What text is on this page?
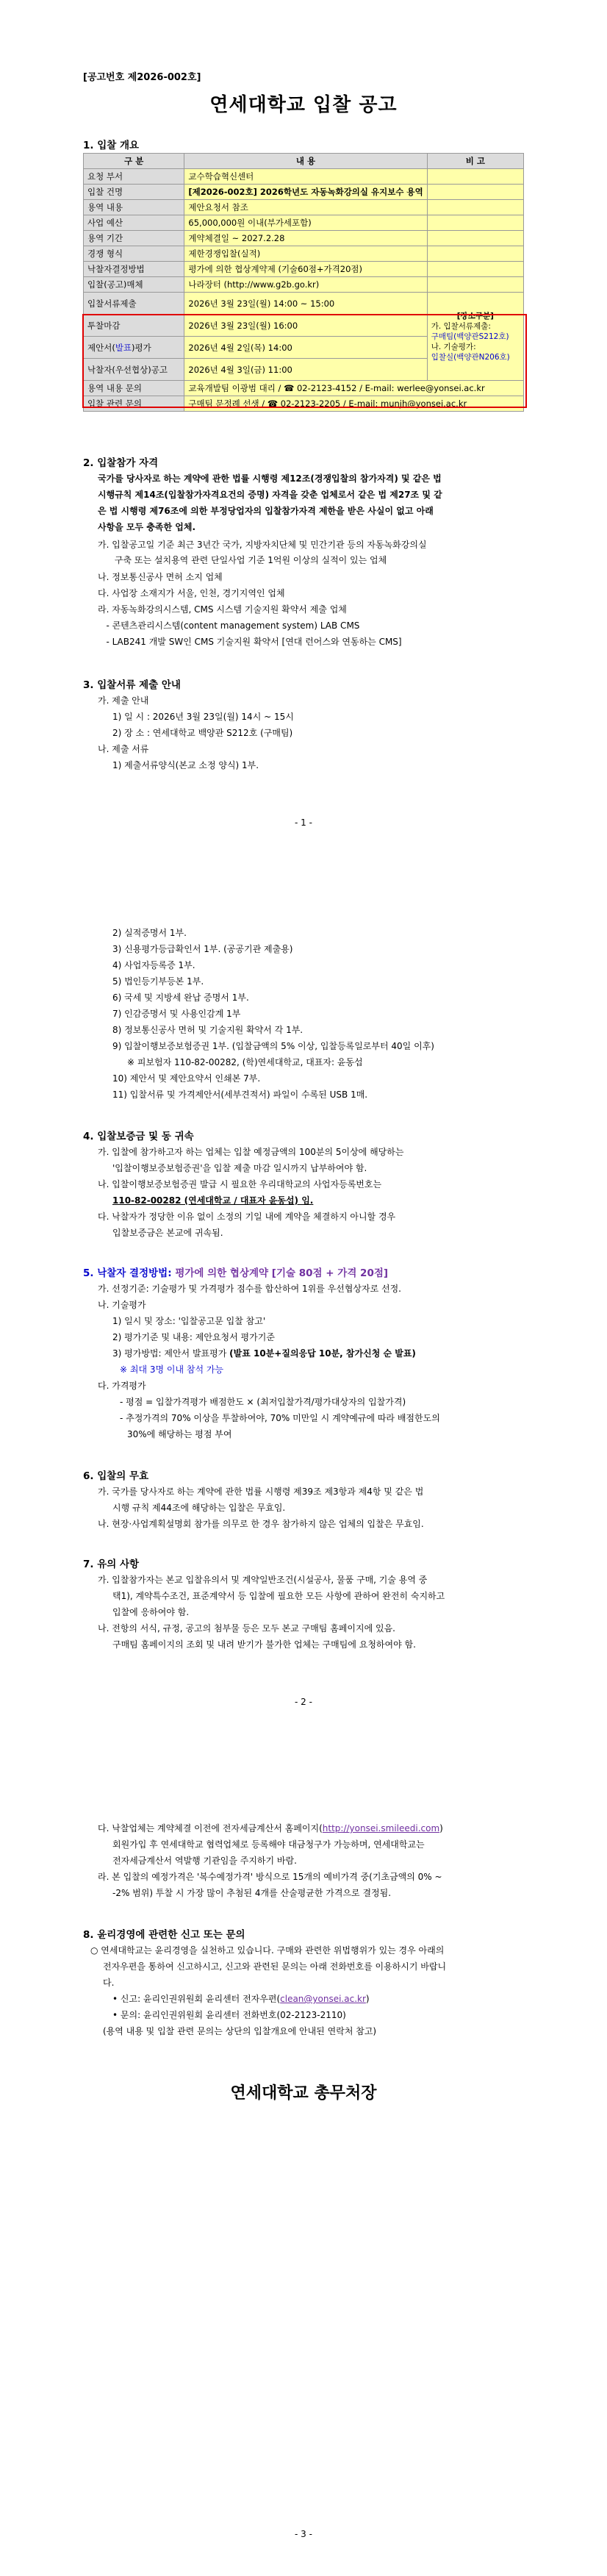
[공고번호 제2026-002호]
연세대학교 입찰 공고
1. 입찰 개요
구 분	내 용	비 고
요청 부서	교수학습혁신센터	
입찰 건명	[제2026-002호] 2026학년도 자동녹화강의실 유지보수 용역	
용역 내용	제안요청서 참조	
사업 예산	65,000,000원 이내(부가세포함)	
용역 기간	계약체결일 ~ 2027.2.28	
경쟁 형식	제한경쟁입찰(실적)	
낙찰자결정방법	평가에 의한 협상계약제 (기술60점+가격20점)	
입찰(공고)매체	나라장터 (http://www.g2b.go.kr)	
입찰서류제출	2026년 3월 23일(월) 14:00 ~ 15:00	[장소구분]
가. 입찰서류제출:
구매팀(백양관S212호)
나. 기술평가:
입찰실(백양관N206호)

투찰마감	2026년 3월 23일(월) 16:00	
제안서(발표)평가	2026년 4월 2일(목) 14:00	
낙찰자(우선협상)공고	2026년 4월 3일(금) 11:00	
용역 내용 문의	교육개발팀 이광범 대리 / ☎ 02-2123-4152 / E-mail: werlee@yonsei.ac.kr	
입찰 관련 문의	구매팀 문정례 선생 / ☎ 02-2123-2205 / E-mail: munjh@yonsei.ac.kr	
2. 입찰참가 자격
국가를 당사자로 하는 계약에 관한 법률 시행령 제12조(경쟁입찰의 참가자격) 및 같은 법
시행규칙 제14조(입찰참가자격요건의 증명) 자격을 갖춘 업체로서 같은 법 제27조 및 같
은 법 시행령 제76조에 의한 부정당업자의 입찰참가자격 제한을 받은 사실이 없고 아래
사항을 모두 충족한 업체.
가. 입찰공고일 기준 최근 3년간 국가, 지방자치단체 및 민간기관 등의 자동녹화강의실
구축 또는 설치용역 관련 단일사업 기준 1억원 이상의 실적이 있는 업체
나. 정보통신공사 면허 소지 업체
다. 사업장 소재지가 서울, 인천, 경기지역인 업체
라. 자동녹화강의시스템, CMS 시스템 기술지원 확약서 제출 업체
- 콘텐츠관리시스템(content management system) LAB CMS
- LAB241 개발 SW인 CMS 기술지원 확약서 [연대 런어스와 연동하는 CMS]
3. 입찰서류 제출 안내
가. 제출 안내
1) 일 시 : 2026년 3월 23일(월) 14시 ~ 15시
2) 장 소 : 연세대학교 백양관 S212호 (구매팀)
나. 제출 서류
1) 제출서류양식(본교 소정 양식) 1부.
- 1 -
2) 실적증명서 1부.
3) 신용평가등급확인서 1부. (공공기관 제출용)
4) 사업자등록증 1부.
5) 법인등기부등본 1부.
6) 국세 및 지방세 완납 증명서 1부.
7) 인감증명서 및 사용인감계 1부
8) 정보통신공사 면허 및 기술지원 확약서 각 1부.
9) 입찰이행보증보험증권 1부. (입찰금액의 5% 이상, 입찰등록일로부터 40일 이후)
※ 피보험자 110-82-00282, (학)연세대학교, 대표자: 윤동섭
10) 제안서 및 제안요약서 인쇄본 7부.
11) 입찰서류 및 가격제안서(세부견적서) 파일이 수록된 USB 1매.
4. 입찰보증금 및 동 귀속
가. 입찰에 참가하고자 하는 업체는 입찰 예정금액의 100분의 5이상에 해당하는
'입찰이행보증보험증권'을 입찰 제출 마감 일시까지 납부하여야 함.
나. 입찰이행보증보험증권 발급 시 필요한 우리대학교의 사업자등록번호는
110-82-00282 (연세대학교 / 대표자 윤동섭) 임.
다. 낙찰자가 정당한 이유 없이 소정의 기일 내에 계약을 체결하지 아니할 경우
입찰보증금은 본교에 귀속됨.
5. 낙찰자 결정방법: 평가에 의한 협상계약 [기술 80점 + 가격 20점]
가. 선정기준: 기술평가 및 가격평가 점수를 합산하여 1위를 우선협상자로 선정.
나. 기술평가
1) 일시 및 장소: '입찰공고문 입찰 참고'
2) 평가기준 및 내용: 제안요청서 평가기준
3) 평가방법: 제안서 발표평가 (발표 10분+질의응답 10분, 참가신청 순 발표)
※ 최대 3명 이내 참석 가능
다. 가격평가
- 평점 = 입찰가격평가 배점한도 × (최저입찰가격/평가대상자의 입찰가격)
- 추정가격의 70% 이상을 투찰하여야, 70% 미만일 시 계약예규에 따라 배점한도의
30%에 해당하는 평점 부여
6. 입찰의 무효
가. 국가를 당사자로 하는 계약에 관한 법률 시행령 제39조 제3항과 제4항 및 같은 법
시행 규칙 제44조에 해당하는 입찰은 무효임.
나. 현장·사업계획설명회 참가를 의무로 한 경우 참가하지 않은 업체의 입찰은 무효임.
7. 유의 사항
가. 입찰참가자는 본교 입찰유의서 및 계약일반조건(시설공사, 물품 구매, 기술 용역 중
택1), 계약특수조건, 표준계약서 등 입찰에 필요한 모든 사항에 관하여 완전히 숙지하고
입찰에 응하여야 함.
나. 전항의 서식, 규정, 공고의 첨부물 등은 모두 본교 구매팀 홈페이지에 있음.
구매팀 홈페이지의 조회 및 내려 받기가 불가한 업체는 구매팀에 요청하여야 함.
- 2 -
다. 낙찰업체는 계약체결 이전에 전자세금계산서 홈페이지(http://yonsei.smileedi.com)
회원가입 후 연세대학교 협력업체로 등록해야 대금청구가 가능하며, 연세대학교는
전자세금계산서 역발행 기관임을 주지하기 바람.
라. 본 입찰의 예정가격은 '복수예정가격' 방식으로 15개의 예비가격 중(기초금액의 0% ~
-2% 범위) 투찰 시 가장 많이 추첨된 4개를 산술평균한 가격으로 결정됨.
8. 윤리경영에 관련한 신고 또는 문의
○ 연세대학교는 윤리경영을 실천하고 있습니다. 구매와 관련한 위법행위가 있는 경우 아래의
전자우편을 통하여 신고하시고, 신고와 관련된 문의는 아래 전화번호를 이용하시기 바랍니
다.
• 신고: 윤리인권위원회 윤리센터 전자우편(clean@yonsei.ac.kr)
• 문의: 윤리인권위원회 윤리센터 전화번호(02-2123-2110)
(용역 내용 및 입찰 관련 문의는 상단의 입찰개요에 안내된 연락처 참고)
연세대학교 총무처장
- 3 -
